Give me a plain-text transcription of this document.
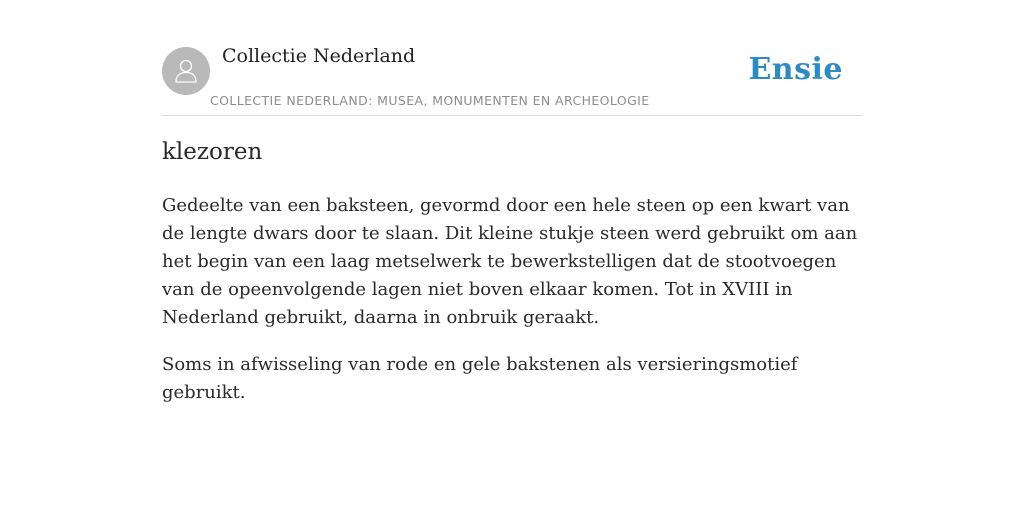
Collectie Nederland
COLLECTIE NEDERLAND: MUSEA, MONUMENTEN EN ARCHEOLOGIE
Ensie
klezoren

Gedeelte van een baksteen, gevormd door een hele steen op een kwart van de lengte dwars door te slaan. Dit kleine stukje steen werd gebruikt om aan het begin van een laag metselwerk te bewerkstelligen dat de stootvoegen van de opeenvolgende lagen niet boven elkaar komen. Tot in XVIII in Nederland gebruikt, daarna in onbruik geraakt.

Soms in afwisseling van rode en gele bakstenen als versieringsmotief gebruikt.
